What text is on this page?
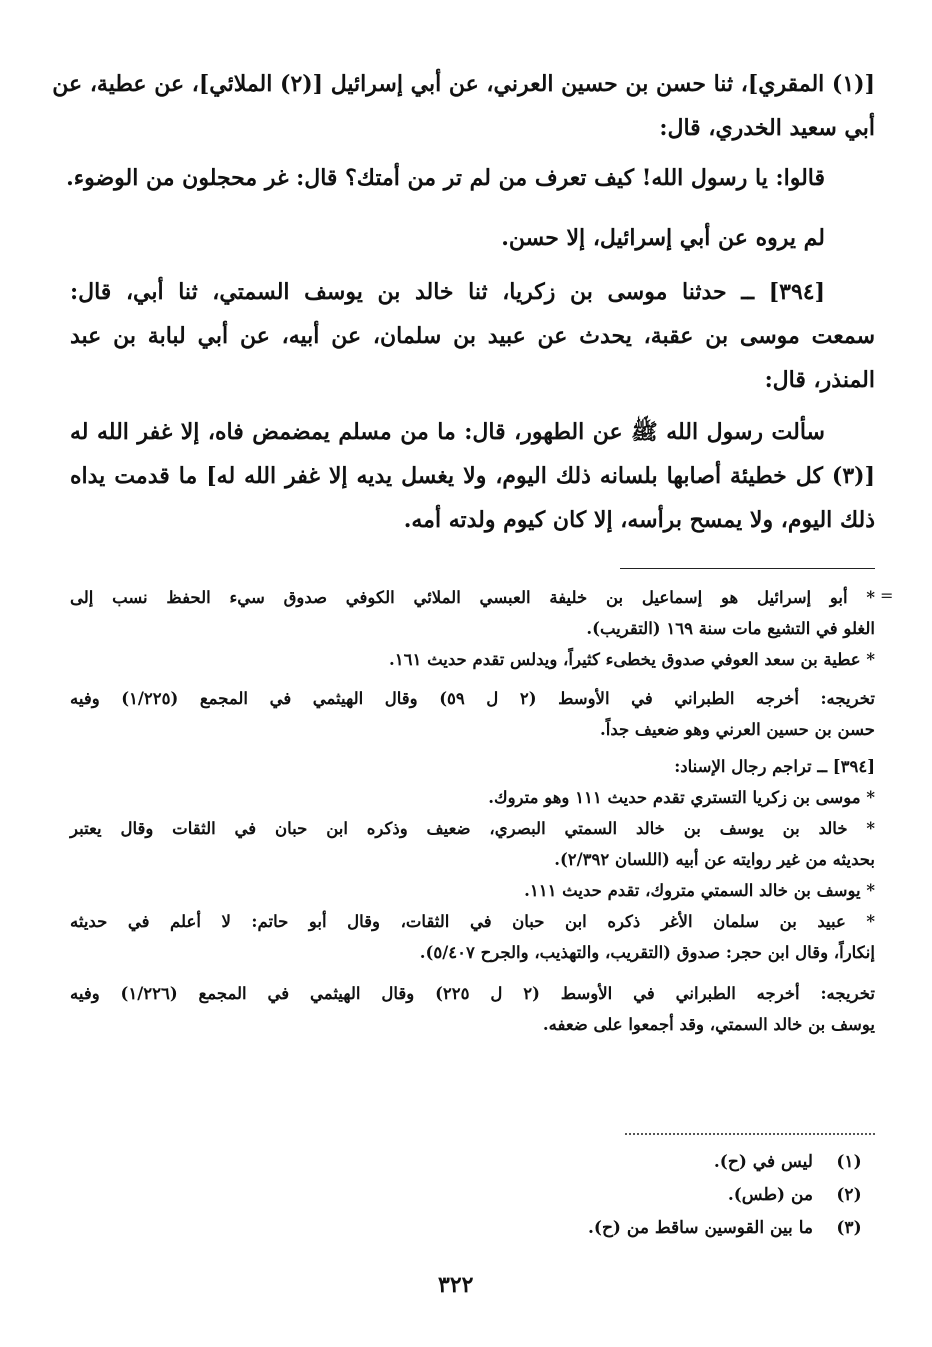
[(١) المقري]، ثنا حسن بن حسين العرني، عن أبي إسرائيل [(٢) الملائي]، عن عطية، عن
أبي سعيد الخدري، قال:

قالوا: يا رسول الله! كيف تعرف من لم تر من أمتك؟ قال: غر محجلون من الوضوء.

لم يروه عن أبي إسرائيل، إلا حسن.

[٣٩٤] ــ حدثنا موسى بن زكريا، ثنا خالد بن يوسف السمتي، ثنا أبي، قال:
سمعت موسى بن عقبة، يحدث عن عبيد بن سلمان، عن أبيه، عن أبي لبابة بن عبد
المنذر، قال:

سألت رسول الله ﷺ عن الطهور، قال: ما من مسلم يمضمض فاه، إلا غفر الله له
[(٣) كل خطيئة أصابها بلسانه ذلك اليوم، ولا يغسل يديه إلا غفر الله له] ما قدمت يداه
ذلك اليوم، ولا يمسح برأسه، إلا كان كيوم ولدته أمه.

* أبو إسرائيل هو إسماعيل بن خليفة العبسي الملائي الكوفي صدوق سيء الحفظ نسب إلى
الغلو في التشيع مات سنة ١٦٩ (التقريب).
* عطية بن سعد العوفي صدوق يخطىء كثيراً، ويدلس تقدم حديث ١٦١.
تخريجه: أخرجه الطبراني في الأوسط (٢ ل ٥٩) وقال الهيثمي في المجمع (١/٢٢٥) وفيه
حسن بن حسين العرني وهو ضعيف جداً.
[٣٩٤] ــ تراجم رجال الإسناد:
* موسى بن زكريا التستري تقدم حديث ١١١ وهو متروك.
* خالد بن يوسف بن خالد السمتي البصري، ضعيف وذكره ابن حبان في الثقات وقال يعتبر
بحديثه من غير روايته عن أبيه (اللسان ٢/٣٩٢).
* يوسف بن خالد السمتي متروك، تقدم حديث ١١١.
* عبيد بن سلمان الأغر ذكره ابن حبان في الثقات، وقال أبو حاتم: لا أعلم في حديثه
إنكاراً، وقال ابن حجر: صدوق (التقريب، والتهذيب، والجرح ٥/٤٠٧).
تخريجه: أخرجه الطبراني في الأوسط (٢ ل ٢٢٥) وقال الهيثمي في المجمع (١/٢٢٦) وفيه
يوسف بن خالد السمتي، وقد أجمعوا على ضعفه.
(١)
ليس في (ح).
(٢)
من (طس).
(٣)
ما بين القوسين ساقط من (ح).
٣٢٢
=
